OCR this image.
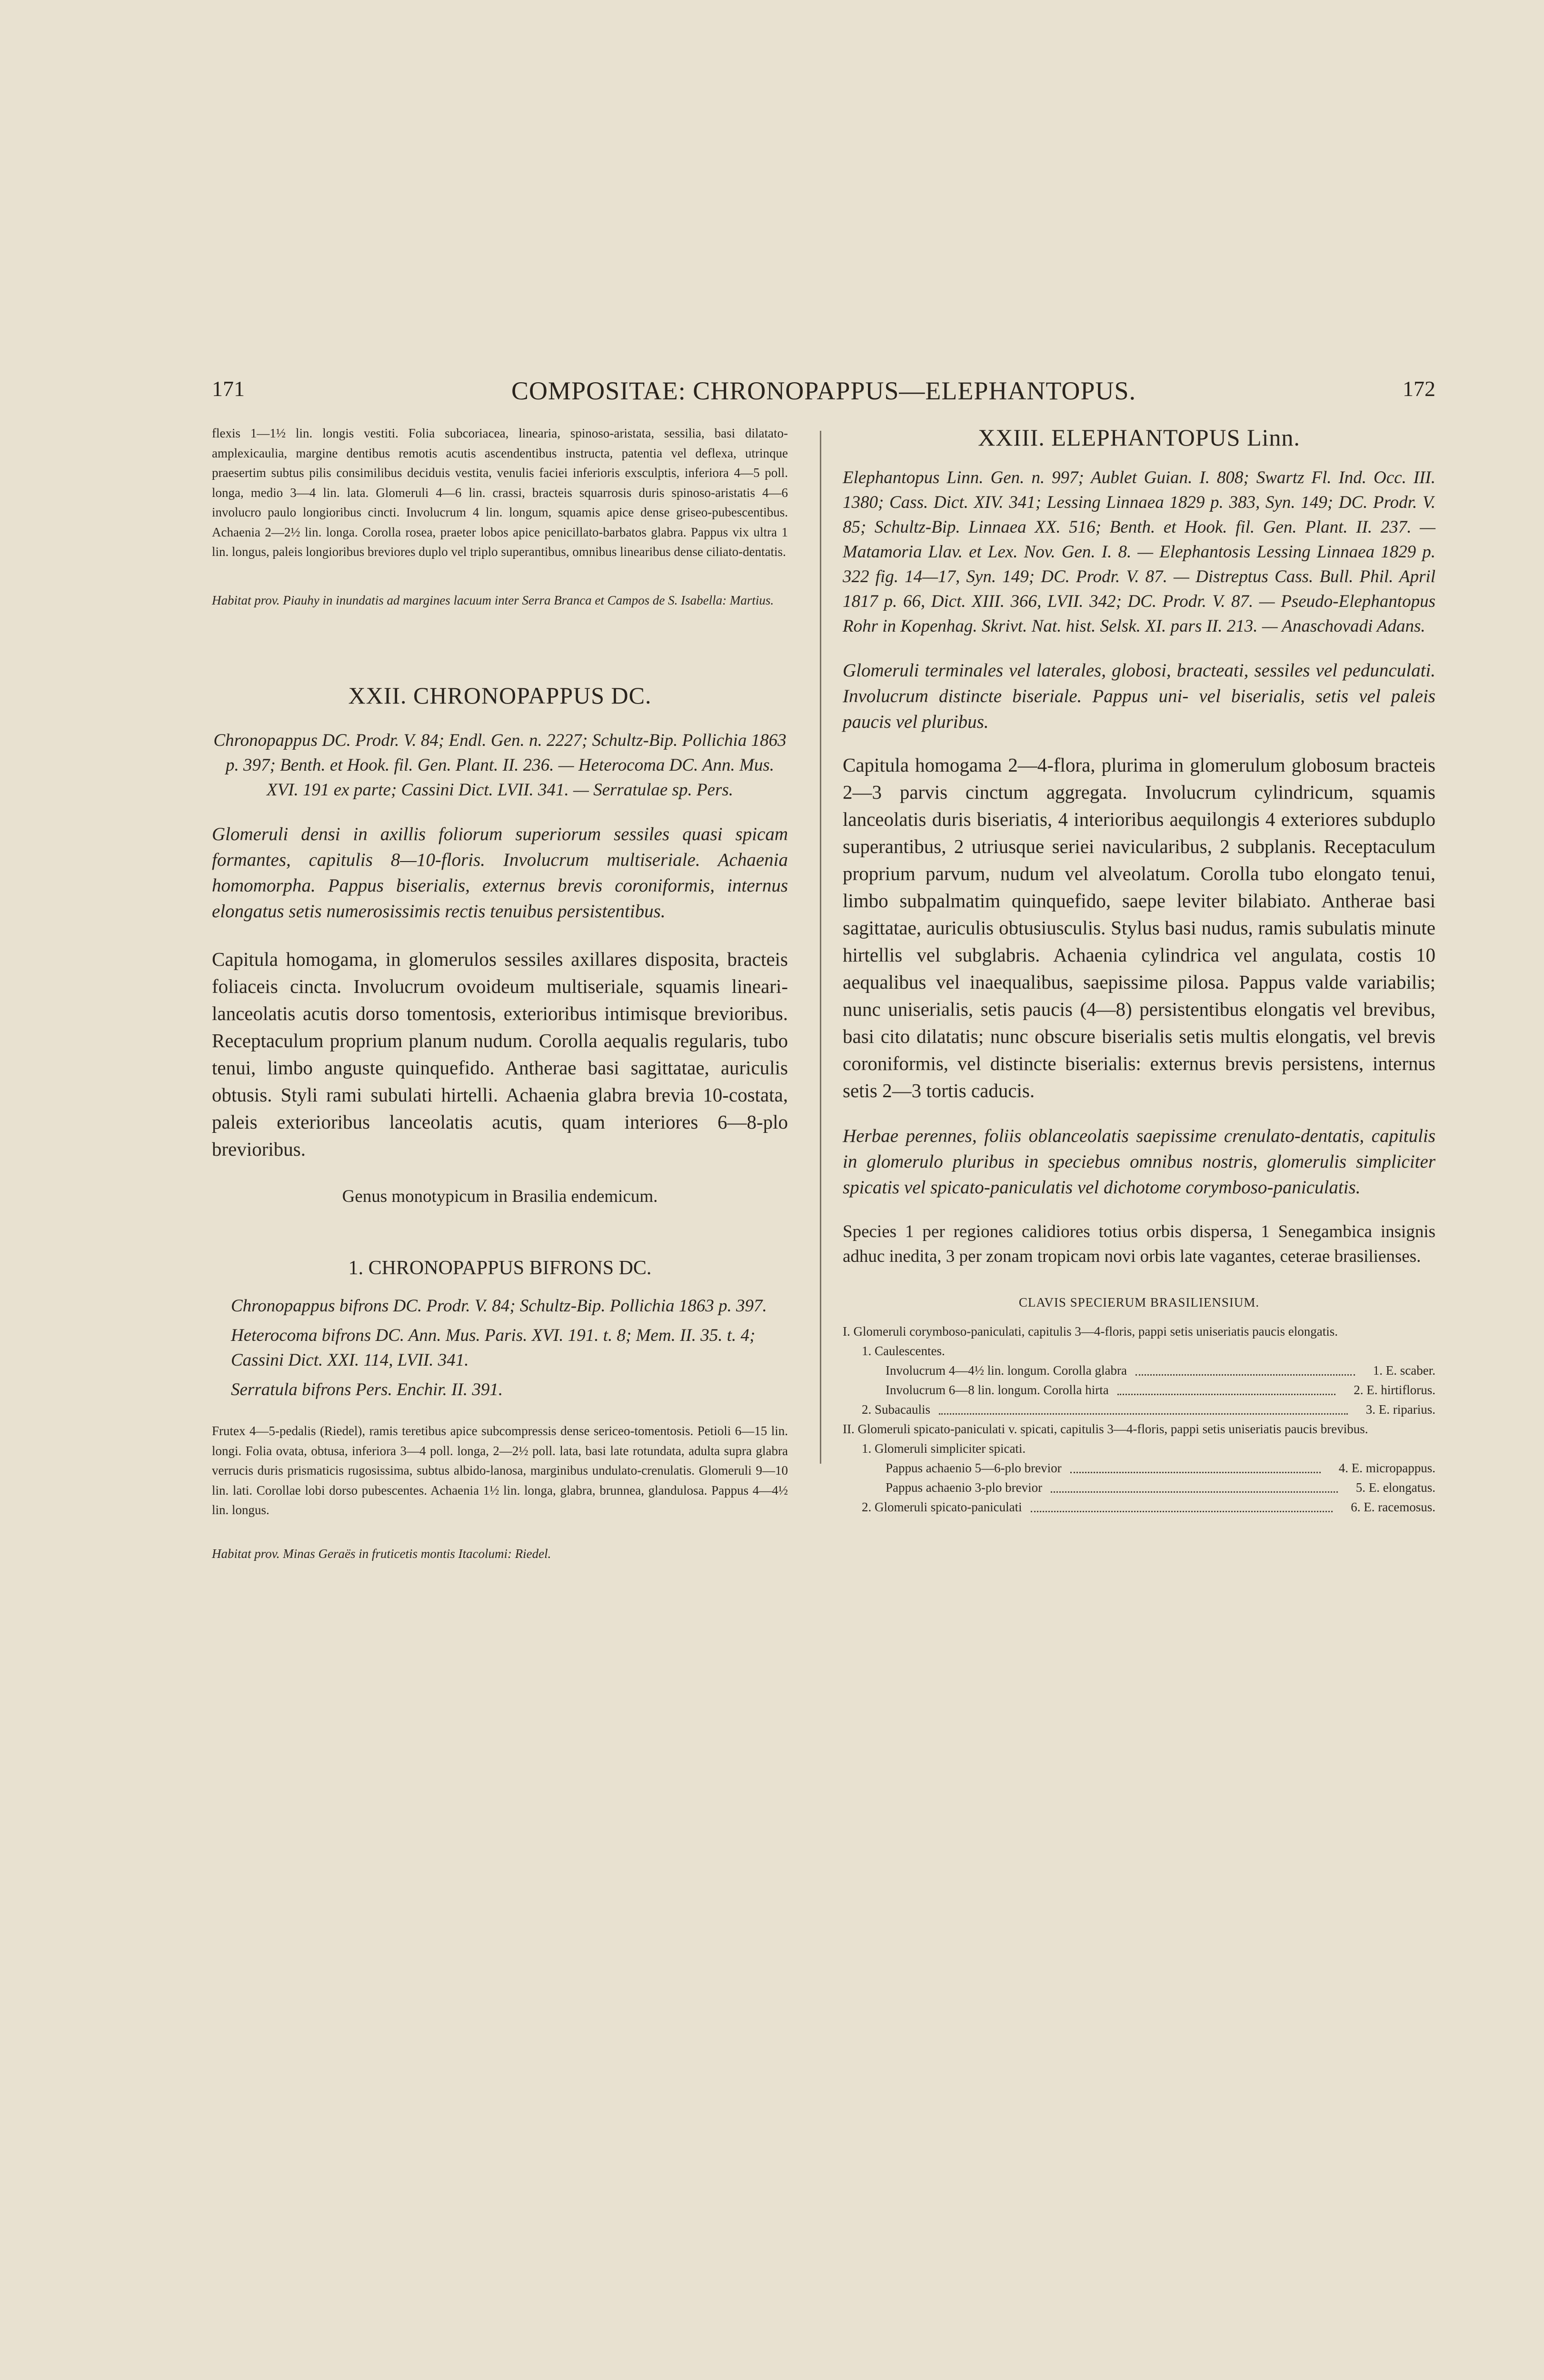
171	COMPOSITAE: CHRONOPAPPUS—ELEPHANTOPUS.	172

flexis 1—1½ lin. longis vestiti. Folia subcoriacea, linearia, spinoso-aristata, sessilia, basi dilatato-amplexicaulia, margine dentibus remotis acutis ascendentibus instructa, patentia vel deflexa, utrinque praesertim subtus pilis consimilibus deciduis vestita, venulis faciei inferioris exsculptis, inferiora 4—5 poll. longa, medio 3—4 lin. lata. Glomeruli 4—6 lin. crassi, bracteis squarrosis duris spinoso-aristatis 4—6 involucro paulo longioribus cincti. Involucrum 4 lin. longum, squamis apice dense griseo-pubescentibus. Achaenia 2—2½ lin. longa. Corolla rosea, praeter lobos apice penicillato-barbatos glabra. Pappus vix ultra 1 lin. longus, paleis longioribus breviores duplo vel triplo superantibus, omnibus linearibus dense ciliato-dentatis.

Habitat prov. Piauhy in inundatis ad margines lacuum inter Serra Branca et Campos de S. Isabella: Martius.

XXII. CHRONOPAPPUS DC.

Chronopappus DC. Prodr. V. 84; Endl. Gen. n. 2227; Schultz-Bip. Pollichia 1863 p. 397; Benth. et Hook. fil. Gen. Plant. II. 236. — Heterocoma DC. Ann. Mus. XVI. 191 ex parte; Cassini Dict. LVII. 341. — Serratulae sp. Pers.

Glomeruli densi in axillis foliorum superiorum sessiles quasi spicam formantes, capitulis 8—10-floris. Involucrum multiseriale. Achaenia homomorpha. Pappus biserialis, externus brevis coroniformis, internus elongatus setis numerosissimis rectis tenuibus persistentibus.

Capitula homogama, in glomerulos sessiles axillares disposita, bracteis foliaceis cincta. Involucrum ovoideum multiseriale, squamis lineari-lanceolatis acutis dorso tomentosis, exterioribus intimisque brevioribus. Receptaculum proprium planum nudum. Corolla aequalis regularis, tubo tenui, limbo anguste quinquefido. Antherae basi sagittatae, auriculis obtusis. Styli rami subulati hirtelli. Achaenia glabra brevia 10-costata, paleis exterioribus lanceolatis acutis, quam interiores 6—8-plo brevioribus.

Genus monotypicum in Brasilia endemicum.

1. CHRONOPAPPUS BIFRONS DC.

Chronopappus bifrons DC. Prodr. V. 84; Schultz-Bip. Pollichia 1863 p. 397.

Heterocoma bifrons DC. Ann. Mus. Paris. XVI. 191. t. 8; Mem. II. 35. t. 4; Cassini Dict. XXI. 114, LVII. 341.

Serratula bifrons Pers. Enchir. II. 391.

Frutex 4—5-pedalis (Riedel), ramis teretibus apice subcompressis dense sericeo-tomentosis. Petioli 6—15 lin. longi. Folia ovata, obtusa, inferiora 3—4 poll. longa, 2—2½ poll. lata, basi late rotundata, adulta supra glabra verrucis duris prismaticis rugosissima, subtus albido-lanosa, marginibus undulato-crenulatis. Glomeruli 9—10 lin. lati. Corollae lobi dorso pubescentes. Achaenia 1½ lin. longa, glabra, brunnea, glandulosa. Pappus 4—4½ lin. longus.

Habitat prov. Minas Geraës in fruticetis montis Itacolumi: Riedel.

XXIII. ELEPHANTOPUS Linn.

Elephantopus Linn. Gen. n. 997; Aublet Guian. I. 808; Swartz Fl. Ind. Occ. III. 1380; Cass. Dict. XIV. 341; Lessing Linnaea 1829 p. 383, Syn. 149; DC. Prodr. V. 85; Schultz-Bip. Linnaea XX. 516; Benth. et Hook. fil. Gen. Plant. II. 237. — Matamoria Llav. et Lex. Nov. Gen. I. 8. — Elephantosis Lessing Linnaea 1829 p. 322 fig. 14—17, Syn. 149; DC. Prodr. V. 87. — Distreptus Cass. Bull. Phil. April 1817 p. 66, Dict. XIII. 366, LVII. 342; DC. Prodr. V. 87. — Pseudo-Elephantopus Rohr in Kopenhag. Skrivt. Nat. hist. Selsk. XI. pars II. 213. — Anaschovadi Adans.

Glomeruli terminales vel laterales, globosi, bracteati, sessiles vel pedunculati. Involucrum distincte biseriale. Pappus uni- vel biserialis, setis vel paleis paucis vel pluribus.

Capitula homogama 2—4-flora, plurima in glomerulum globosum bracteis 2—3 parvis cinctum aggregata. Involucrum cylindricum, squamis lanceolatis duris biseriatis, 4 interioribus aequilongis 4 exteriores subduplo superantibus, 2 utriusque seriei navicularibus, 2 subplanis. Receptaculum proprium parvum, nudum vel alveolatum. Corolla tubo elongato tenui, limbo subpalmatim quinquefido, saepe leviter bilabiato. Antherae basi sagittatae, auriculis obtusiusculis. Stylus basi nudus, ramis subulatis minute hirtellis vel subglabris. Achaenia cylindrica vel angulata, costis 10 aequalibus vel inaequalibus, saepissime pilosa. Pappus valde variabilis; nunc uniserialis, setis paucis (4—8) persistentibus elongatis vel brevibus, basi cito dilatatis; nunc obscure biserialis setis multis elongatis, vel brevis coroniformis, vel distincte biserialis: externus brevis persistens, internus setis 2—3 tortis caducis.

Herbae perennes, foliis oblanceolatis saepissime crenulato-dentatis, capitulis in glomerulo pluribus in speciebus omnibus nostris, glomerulis simpliciter spicatis vel spicato-paniculatis vel dichotome corymboso-paniculatis.

Species 1 per regiones calidiores totius orbis dispersa, 1 Senegambica insignis adhuc inedita, 3 per zonam tropicam novi orbis late vagantes, ceterae brasilienses.

CLAVIS SPECIERUM BRASILIENSIUM.

I. Glomeruli corymboso-paniculati, capitulis 3—4-floris, pappi setis uniseriatis paucis elongatis.
1. Caulescentes.
Involucrum 4—4½ lin. longum. Corolla glabra	1. E. scaber.
Involucrum 6—8 lin. longum. Corolla hirta	2. E. hirtiflorus.
2. Subacaulis	3. E. riparius.
II. Glomeruli spicato-paniculati v. spicati, capitulis 3—4-floris, pappi setis uniseriatis paucis brevibus.
1. Glomeruli simpliciter spicati.
Pappus achaenio 5—6-plo brevior	4. E. micropappus.
Pappus achaenio 3-plo brevior	5. E. elongatus.
2. Glomeruli spicato-paniculati	6. E. racemosus.
